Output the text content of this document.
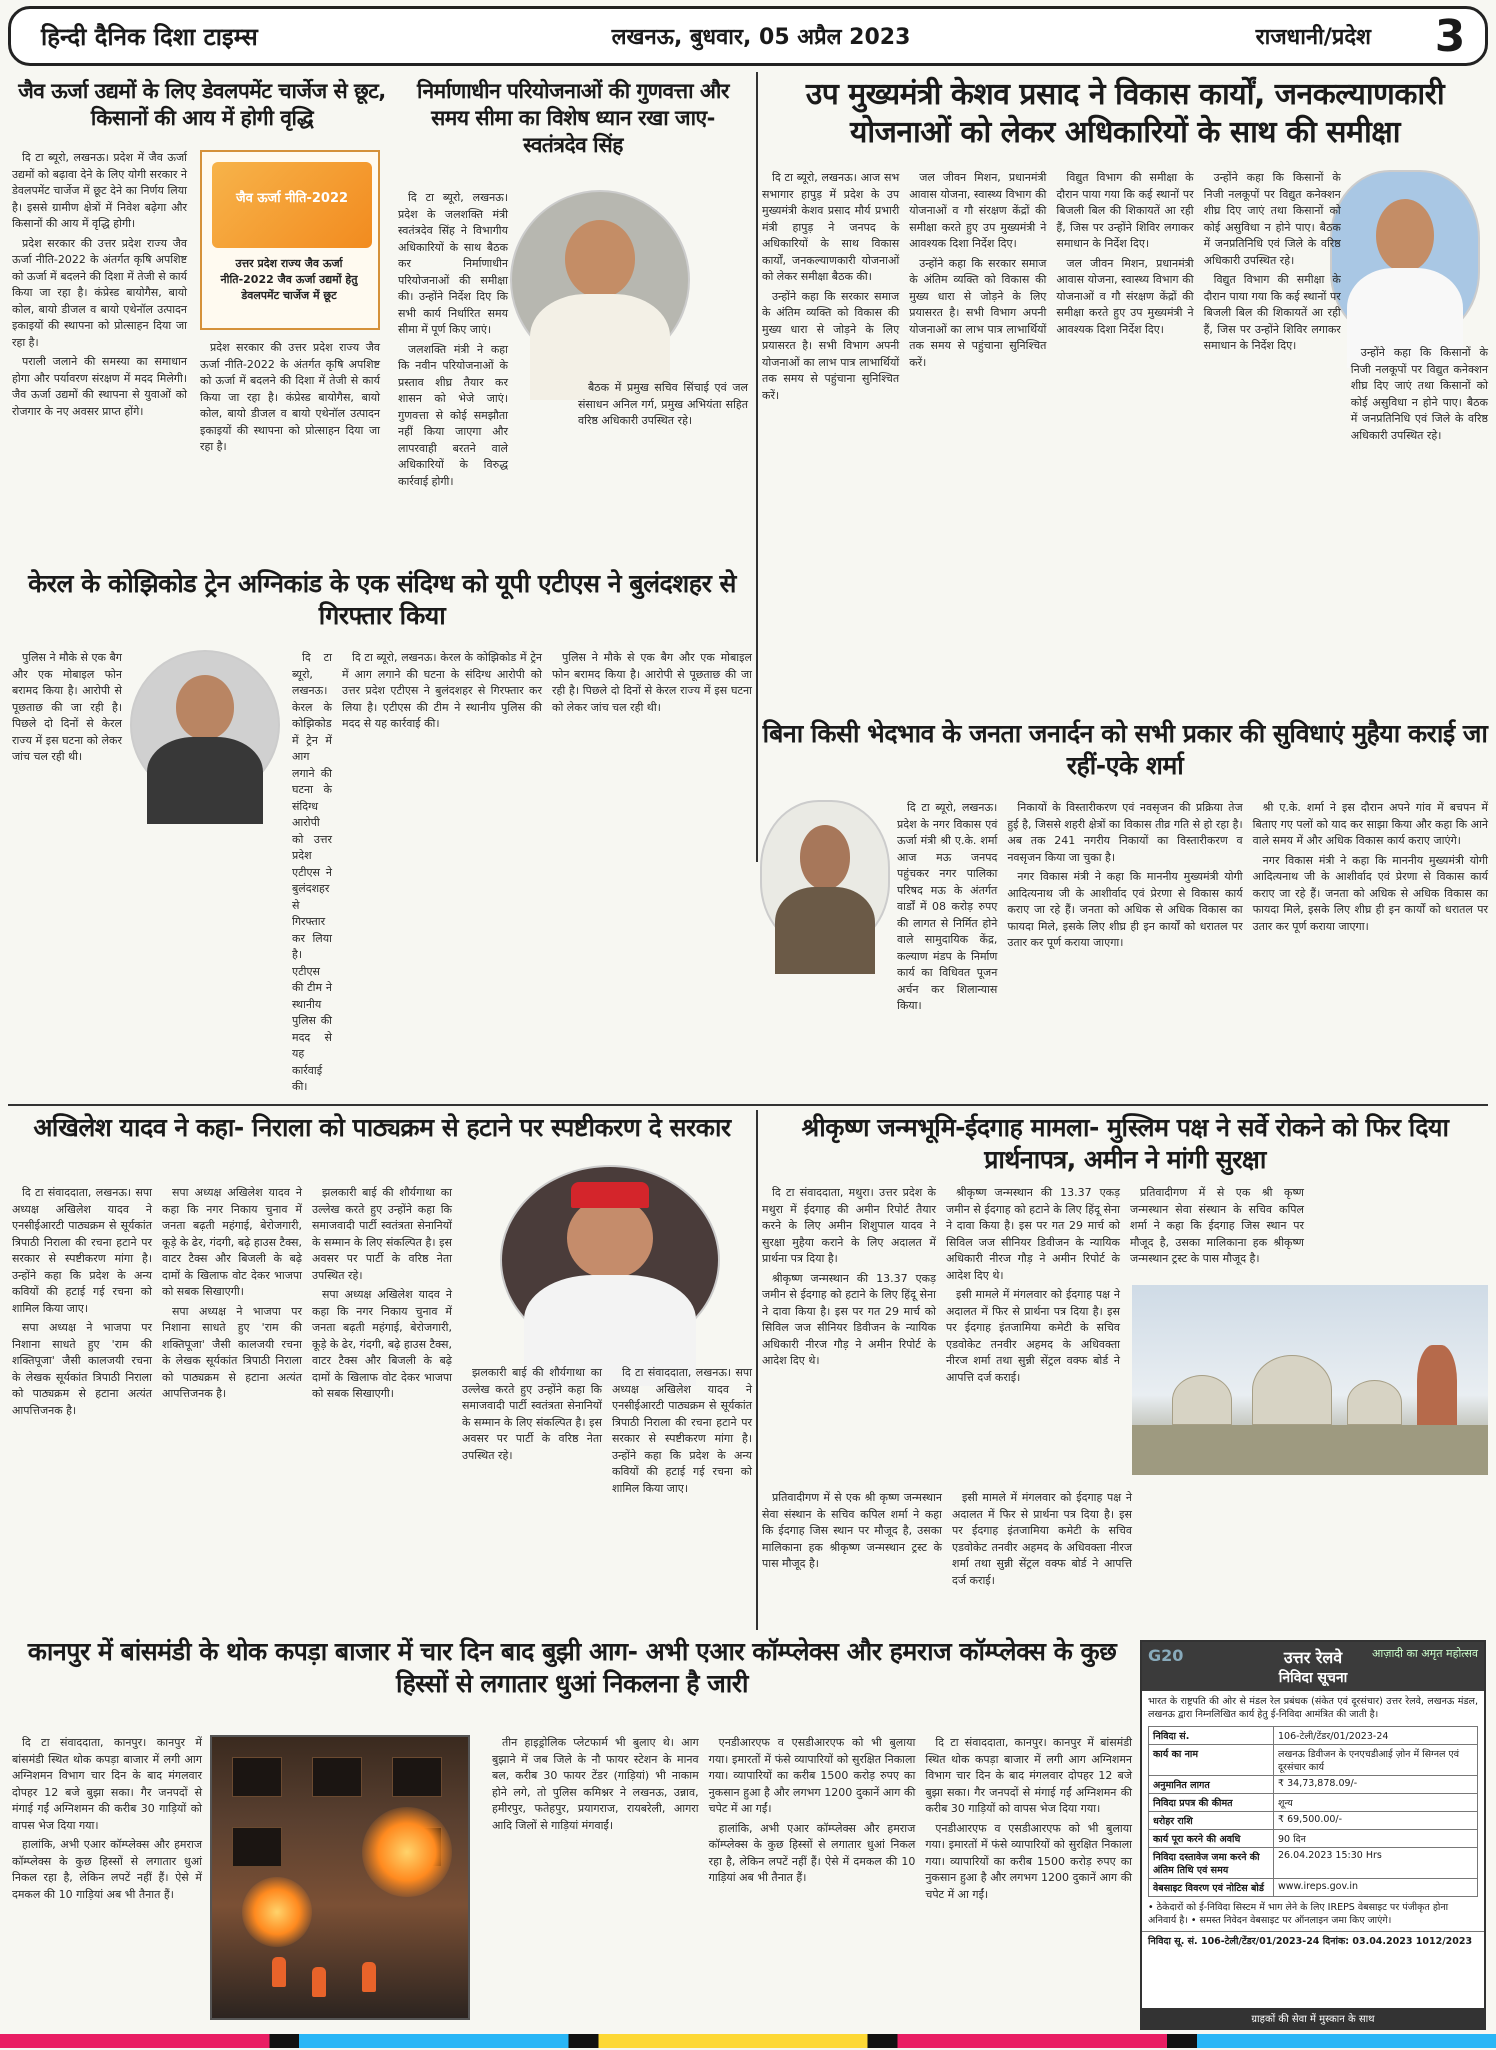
हिन्दी दैनिक दिशा टाइम्स	लखनऊ, बुधवार, 05 अप्रैल 2023	राजधानी/प्रदेश 3
जैव ऊर्जा उद्यमों के लिए डेवलपमेंट चार्जेज से छूट, किसानों की आय में होगी वृद्धि

दि टा ब्यूरो, लखनऊ। प्रदेश में जैव ऊर्जा उद्यमों को बढ़ावा देने के लिए योगी सरकार ने डेवलपमेंट चार्जेज में छूट देने का निर्णय लिया है। इससे ग्रामीण क्षेत्रों में निवेश बढ़ेगा और किसानों की आय में वृद्धि होगी।

प्रदेश सरकार की उत्तर प्रदेश राज्य जैव ऊर्जा नीति-2022 के अंतर्गत कृषि अपशिष्ट को ऊर्जा में बदलने की दिशा में तेजी से कार्य किया जा रहा है। कंप्रेस्ड बायोगैस, बायो कोल, बायो डीजल व बायो एथेनॉल उत्पादन इकाइयों की स्थापना को प्रोत्साहन दिया जा रहा है।

पराली जलाने की समस्या का समाधान होगा और पर्यावरण संरक्षण में मदद मिलेगी। जैव ऊर्जा उद्यमों की स्थापना से युवाओं को रोजगार के नए अवसर प्राप्त होंगे।

जैव ऊर्जा नीति-2022
उत्तर प्रदेश राज्य जैव ऊर्जा नीति-2022 जैव ऊर्जा उद्यमों हेतु डेवलपमेंट चार्जेज में छूट

प्रदेश सरकार की उत्तर प्रदेश राज्य जैव ऊर्जा नीति-2022 के अंतर्गत कृषि अपशिष्ट को ऊर्जा में बदलने की दिशा में तेजी से कार्य किया जा रहा है। कंप्रेस्ड बायोगैस, बायो कोल, बायो डीजल व बायो एथेनॉल उत्पादन इकाइयों की स्थापना को प्रोत्साहन दिया जा रहा है।

निर्माणाधीन परियोजनाओं की गुणवत्ता और समय सीमा का विशेष ध्यान रखा जाए- स्वतंत्रदेव सिंह

दि टा ब्यूरो, लखनऊ। प्रदेश के जलशक्ति मंत्री स्वतंत्रदेव सिंह ने विभागीय अधिकारियों के साथ बैठक कर निर्माणाधीन परियोजनाओं की समीक्षा की। उन्होंने निर्देश दिए कि सभी कार्य निर्धारित समय सीमा में पूर्ण किए जाएं।

जलशक्ति मंत्री ने कहा कि नवीन परियोजनाओं के प्रस्ताव शीघ्र तैयार कर शासन को भेजे जाएं। गुणवत्ता से कोई समझौता नहीं किया जाएगा और लापरवाही बरतने वाले अधिकारियों के विरुद्ध कार्रवाई होगी।

बैठक में प्रमुख सचिव सिंचाई एवं जल संसाधन अनिल गर्ग, प्रमुख अभियंता सहित वरिष्ठ अधिकारी उपस्थित रहे।

केरल के कोझिकोड ट्रेन अग्निकांड के एक संदिग्ध को यूपी एटीएस ने बुलंदशहर से गिरफ्तार किया

पुलिस ने मौके से एक बैग और एक मोबाइल फोन बरामद किया है। आरोपी से पूछताछ की जा रही है। पिछले दो दिनों से केरल राज्य में इस घटना को लेकर जांच चल रही थी।

दि टा ब्यूरो, लखनऊ। केरल के कोझिकोड में ट्रेन में आग लगाने की घटना के संदिग्ध आरोपी को उत्तर प्रदेश एटीएस ने बुलंदशहर से गिरफ्तार कर लिया है। एटीएस की टीम ने स्थानीय पुलिस की मदद से यह कार्रवाई की।

दि टा ब्यूरो, लखनऊ। केरल के कोझिकोड में ट्रेन में आग लगाने की घटना के संदिग्ध आरोपी को उत्तर प्रदेश एटीएस ने बुलंदशहर से गिरफ्तार कर लिया है। एटीएस की टीम ने स्थानीय पुलिस की मदद से यह कार्रवाई की।

पुलिस ने मौके से एक बैग और एक मोबाइल फोन बरामद किया है। आरोपी से पूछताछ की जा रही है। पिछले दो दिनों से केरल राज्य में इस घटना को लेकर जांच चल रही थी।

उप मुख्यमंत्री केशव प्रसाद ने विकास कार्यों, जनकल्याणकारी योजनाओं को लेकर अधिकारियों के साथ की समीक्षा

दि टा ब्यूरो, लखनऊ। आज सभ सभागार हापुड़ में प्रदेश के उप मुख्यमंत्री केशव प्रसाद मौर्य प्रभारी मंत्री हापुड़ ने जनपद के अधिकारियों के साथ विकास कार्यों, जनकल्याणकारी योजनाओं को लेकर समीक्षा बैठक की।

उन्होंने कहा कि सरकार समाज के अंतिम व्यक्ति को विकास की मुख्य धारा से जोड़ने के लिए प्रयासरत है। सभी विभाग अपनी योजनाओं का लाभ पात्र लाभार्थियों तक समय से पहुंचाना सुनिश्चित करें।

जल जीवन मिशन, प्रधानमंत्री आवास योजना, स्वास्थ्य विभाग की योजनाओं व गौ संरक्षण केंद्रों की समीक्षा करते हुए उप मुख्यमंत्री ने आवश्यक दिशा निर्देश दिए।

उन्होंने कहा कि सरकार समाज के अंतिम व्यक्ति को विकास की मुख्य धारा से जोड़ने के लिए प्रयासरत है। सभी विभाग अपनी योजनाओं का लाभ पात्र लाभार्थियों तक समय से पहुंचाना सुनिश्चित करें।

विद्युत विभाग की समीक्षा के दौरान पाया गया कि कई स्थानों पर बिजली बिल की शिकायतें आ रही हैं, जिस पर उन्होंने शिविर लगाकर समाधान के निर्देश दिए।

जल जीवन मिशन, प्रधानमंत्री आवास योजना, स्वास्थ्य विभाग की योजनाओं व गौ संरक्षण केंद्रों की समीक्षा करते हुए उप मुख्यमंत्री ने आवश्यक दिशा निर्देश दिए।

उन्होंने कहा कि किसानों के निजी नलकूपों पर विद्युत कनेक्शन शीघ्र दिए जाएं तथा किसानों को कोई असुविधा न होने पाए। बैठक में जनप्रतिनिधि एवं जिले के वरिष्ठ अधिकारी उपस्थित रहे।

विद्युत विभाग की समीक्षा के दौरान पाया गया कि कई स्थानों पर बिजली बिल की शिकायतें आ रही हैं, जिस पर उन्होंने शिविर लगाकर समाधान के निर्देश दिए।

उन्होंने कहा कि किसानों के निजी नलकूपों पर विद्युत कनेक्शन शीघ्र दिए जाएं तथा किसानों को कोई असुविधा न होने पाए। बैठक में जनप्रतिनिधि एवं जिले के वरिष्ठ अधिकारी उपस्थित रहे।

बिना किसी भेदभाव के जनता जनार्दन को सभी प्रकार की सुविधाएं मुहैया कराई जा रहीं-एके शर्मा

दि टा ब्यूरो, लखनऊ। प्रदेश के नगर विकास एवं ऊर्जा मंत्री श्री ए.के. शर्मा आज मऊ जनपद पहुंचकर नगर पालिका परिषद मऊ के अंतर्गत वार्डों में 08 करोड़ रुपए की लागत से निर्मित होने वाले सामुदायिक केंद्र, कल्याण मंडप के निर्माण कार्य का विधिवत पूजन अर्चन कर शिलान्यास किया।

निकायों के विस्तारीकरण एवं नवसृजन की प्रक्रिया तेज हुई है, जिससे शहरी क्षेत्रों का विकास तीव्र गति से हो रहा है। अब तक 241 नगरीय निकायों का विस्तारीकरण व नवसृजन किया जा चुका है।

नगर विकास मंत्री ने कहा कि माननीय मुख्यमंत्री योगी आदित्यनाथ जी के आशीर्वाद एवं प्रेरणा से विकास कार्य कराए जा रहे हैं। जनता को अधिक से अधिक विकास का फायदा मिले, इसके लिए शीघ्र ही इन कार्यों को धरातल पर उतार कर पूर्ण कराया जाएगा।

श्री ए.के. शर्मा ने इस दौरान अपने गांव में बचपन में बिताए गए पलों को याद कर साझा किया और कहा कि आने वाले समय में और अधिक विकास कार्य कराए जाएंगे।

नगर विकास मंत्री ने कहा कि माननीय मुख्यमंत्री योगी आदित्यनाथ जी के आशीर्वाद एवं प्रेरणा से विकास कार्य कराए जा रहे हैं। जनता को अधिक से अधिक विकास का फायदा मिले, इसके लिए शीघ्र ही इन कार्यों को धरातल पर उतार कर पूर्ण कराया जाएगा।

अखिलेश यादव ने कहा- निराला को पाठ्यक्रम से हटाने पर स्पष्टीकरण दे सरकार

दि टा संवाददाता, लखनऊ। सपा अध्यक्ष अखिलेश यादव ने एनसीईआरटी पाठ्यक्रम से सूर्यकांत त्रिपाठी निराला की रचना हटाने पर सरकार से स्पष्टीकरण मांगा है। उन्होंने कहा कि प्रदेश के अन्य कवियों की हटाई गई रचना को शामिल किया जाए।

सपा अध्यक्ष ने भाजपा पर निशाना साधते हुए 'राम की शक्तिपूजा' जैसी कालजयी रचना के लेखक सूर्यकांत त्रिपाठी निराला को पाठ्यक्रम से हटाना अत्यंत आपत्तिजनक है।

सपा अध्यक्ष अखिलेश यादव ने कहा कि नगर निकाय चुनाव में जनता बढ़ती महंगाई, बेरोजगारी, कूड़े के ढेर, गंदगी, बढ़े हाउस टैक्स, वाटर टैक्स और बिजली के बढ़े दामों के खिलाफ वोट देकर भाजपा को सबक सिखाएगी।

सपा अध्यक्ष ने भाजपा पर निशाना साधते हुए 'राम की शक्तिपूजा' जैसी कालजयी रचना के लेखक सूर्यकांत त्रिपाठी निराला को पाठ्यक्रम से हटाना अत्यंत आपत्तिजनक है।

झलकारी बाई की शौर्यगाथा का उल्लेख करते हुए उन्होंने कहा कि समाजवादी पार्टी स्वतंत्रता सेनानियों के सम्मान के लिए संकल्पित है। इस अवसर पर पार्टी के वरिष्ठ नेता उपस्थित रहे।

सपा अध्यक्ष अखिलेश यादव ने कहा कि नगर निकाय चुनाव में जनता बढ़ती महंगाई, बेरोजगारी, कूड़े के ढेर, गंदगी, बढ़े हाउस टैक्स, वाटर टैक्स और बिजली के बढ़े दामों के खिलाफ वोट देकर भाजपा को सबक सिखाएगी।

झलकारी बाई की शौर्यगाथा का उल्लेख करते हुए उन्होंने कहा कि समाजवादी पार्टी स्वतंत्रता सेनानियों के सम्मान के लिए संकल्पित है। इस अवसर पर पार्टी के वरिष्ठ नेता उपस्थित रहे।

दि टा संवाददाता, लखनऊ। सपा अध्यक्ष अखिलेश यादव ने एनसीईआरटी पाठ्यक्रम से सूर्यकांत त्रिपाठी निराला की रचना हटाने पर सरकार से स्पष्टीकरण मांगा है। उन्होंने कहा कि प्रदेश के अन्य कवियों की हटाई गई रचना को शामिल किया जाए।

श्रीकृष्ण जन्मभूमि-ईदगाह मामला- मुस्लिम पक्ष ने सर्वे रोकने को फिर दिया प्रार्थनापत्र, अमीन ने मांगी सुरक्षा

दि टा संवाददाता, मथुरा। उत्तर प्रदेश के मथुरा में ईदगाह की अमीन रिपोर्ट तैयार करने के लिए अमीन शिशुपाल यादव ने सुरक्षा मुहैया कराने के लिए अदालत में प्रार्थना पत्र दिया है।

श्रीकृष्ण जन्मस्थान की 13.37 एकड़ जमीन से ईदगाह को हटाने के लिए हिंदू सेना ने दावा किया है। इस पर गत 29 मार्च को सिविल जज सीनियर डिवीजन के न्यायिक अधिकारी नीरज गौड़ ने अमीन रिपोर्ट के आदेश दिए थे।

श्रीकृष्ण जन्मस्थान की 13.37 एकड़ जमीन से ईदगाह को हटाने के लिए हिंदू सेना ने दावा किया है। इस पर गत 29 मार्च को सिविल जज सीनियर डिवीजन के न्यायिक अधिकारी नीरज गौड़ ने अमीन रिपोर्ट के आदेश दिए थे।

इसी मामले में मंगलवार को ईदगाह पक्ष ने अदालत में फिर से प्रार्थना पत्र दिया है। इस पर ईदगाह इंतजामिया कमेटी के सचिव एडवोकेट तनवीर अहमद के अधिवक्ता नीरज शर्मा तथा सुन्नी सेंट्रल वक्फ बोर्ड ने आपत्ति दर्ज कराई।

प्रतिवादीगण में से एक श्री कृष्ण जन्मस्थान सेवा संस्थान के सचिव कपिल शर्मा ने कहा कि ईदगाह जिस स्थान पर मौजूद है, उसका मालिकाना हक श्रीकृष्ण जन्मस्थान ट्रस्ट के पास मौजूद है।

प्रतिवादीगण में से एक श्री कृष्ण जन्मस्थान सेवा संस्थान के सचिव कपिल शर्मा ने कहा कि ईदगाह जिस स्थान पर मौजूद है, उसका मालिकाना हक श्रीकृष्ण जन्मस्थान ट्रस्ट के पास मौजूद है।

इसी मामले में मंगलवार को ईदगाह पक्ष ने अदालत में फिर से प्रार्थना पत्र दिया है। इस पर ईदगाह इंतजामिया कमेटी के सचिव एडवोकेट तनवीर अहमद के अधिवक्ता नीरज शर्मा तथा सुन्नी सेंट्रल वक्फ बोर्ड ने आपत्ति दर्ज कराई।

कानपुर में बांसमंडी के थोक कपड़ा बाजार में चार दिन बाद बुझी आग- अभी एआर कॉम्प्लेक्स और हमराज कॉम्प्लेक्स के कुछ हिस्सों से लगातार धुआं निकलना है जारी

दि टा संवाददाता, कानपुर। कानपुर में बांसमंडी स्थित थोक कपड़ा बाजार में लगी आग अग्निशमन विभाग चार दिन के बाद मंगलवार दोपहर 12 बजे बुझा सका। गैर जनपदों से मंगाई गईं अग्निशमन की करीब 30 गाड़ियों को वापस भेज दिया गया।

हालांकि, अभी एआर कॉम्प्लेक्स और हमराज कॉम्प्लेक्स के कुछ हिस्सों से लगातार धुआं निकल रहा है, लेकिन लपटें नहीं हैं। ऐसे में दमकल की 10 गाड़ियां अब भी तैनात हैं।

तीन हाइड्रोलिक प्लेटफार्म भी बुलाए थे। आग बुझाने में जब जिले के नौ फायर स्टेशन के मानव बल, करीब 30 फायर टेंडर (गाड़ियां) भी नाकाम होने लगे, तो पुलिस कमिश्नर ने लखनऊ, उन्नाव, हमीरपुर, फतेहपुर, प्रयागराज, रायबरेली, आगरा आदि जिलों से गाड़ियां मंगवाईं।

एनडीआरएफ व एसडीआरएफ को भी बुलाया गया। इमारतों में फंसे व्यापारियों को सुरक्षित निकाला गया। व्यापारियों का करीब 1500 करोड़ रुपए का नुकसान हुआ है और लगभग 1200 दुकानें आग की चपेट में आ गईं।

हालांकि, अभी एआर कॉम्प्लेक्स और हमराज कॉम्प्लेक्स के कुछ हिस्सों से लगातार धुआं निकल रहा है, लेकिन लपटें नहीं हैं। ऐसे में दमकल की 10 गाड़ियां अब भी तैनात हैं।

दि टा संवाददाता, कानपुर। कानपुर में बांसमंडी स्थित थोक कपड़ा बाजार में लगी आग अग्निशमन विभाग चार दिन के बाद मंगलवार दोपहर 12 बजे बुझा सका। गैर जनपदों से मंगाई गईं अग्निशमन की करीब 30 गाड़ियों को वापस भेज दिया गया।

एनडीआरएफ व एसडीआरएफ को भी बुलाया गया। इमारतों में फंसे व्यापारियों को सुरक्षित निकाला गया। व्यापारियों का करीब 1500 करोड़ रुपए का नुकसान हुआ है और लगभग 1200 दुकानें आग की चपेट में आ गईं।

G20	उत्तर रेलवे
निविदा सूचना
आज़ादी का अमृत महोत्सव
भारत के राष्ट्रपति की ओर से मंडल रेल प्रबंधक (संकेत एवं दूरसंचार) उत्तर रेलवे, लखनऊ मंडल, लखनऊ द्वारा निम्नलिखित कार्य हेतु ई-निविदा आमंत्रित की जाती है।
निविदा सं.	106-टेली/टेंडर/01/2023-24
कार्य का नाम	लखनऊ डिवीजन के एनएचडीआई ज़ोन में सिग्नल एवं दूरसंचार कार्य
अनुमानित लागत	₹ 34,73,878.09/-
निविदा प्रपत्र की कीमत	शून्य
धरोहर राशि	₹ 69,500.00/-
कार्य पूरा करने की अवधि	90 दिन
निविदा दस्तावेज जमा करने की अंतिम तिथि एवं समय	26.04.2023 15:30 Hrs
वेबसाइट विवरण एवं नोटिस बोर्ड	www.ireps.gov.in
• ठेकेदारों को ई-निविदा सिस्टम में भाग लेने के लिए IREPS वेबसाइट पर पंजीकृत होना अनिवार्य है। • समस्त निवेदन वेबसाइट पर ऑनलाइन जमा किए जाएंगे।
निविदा सू. सं. 106-टेली/टेंडर/01/2023-24 दिनांक: 03.04.2023 1012/2023
ग्राहकों की सेवा में मुस्कान के साथ
